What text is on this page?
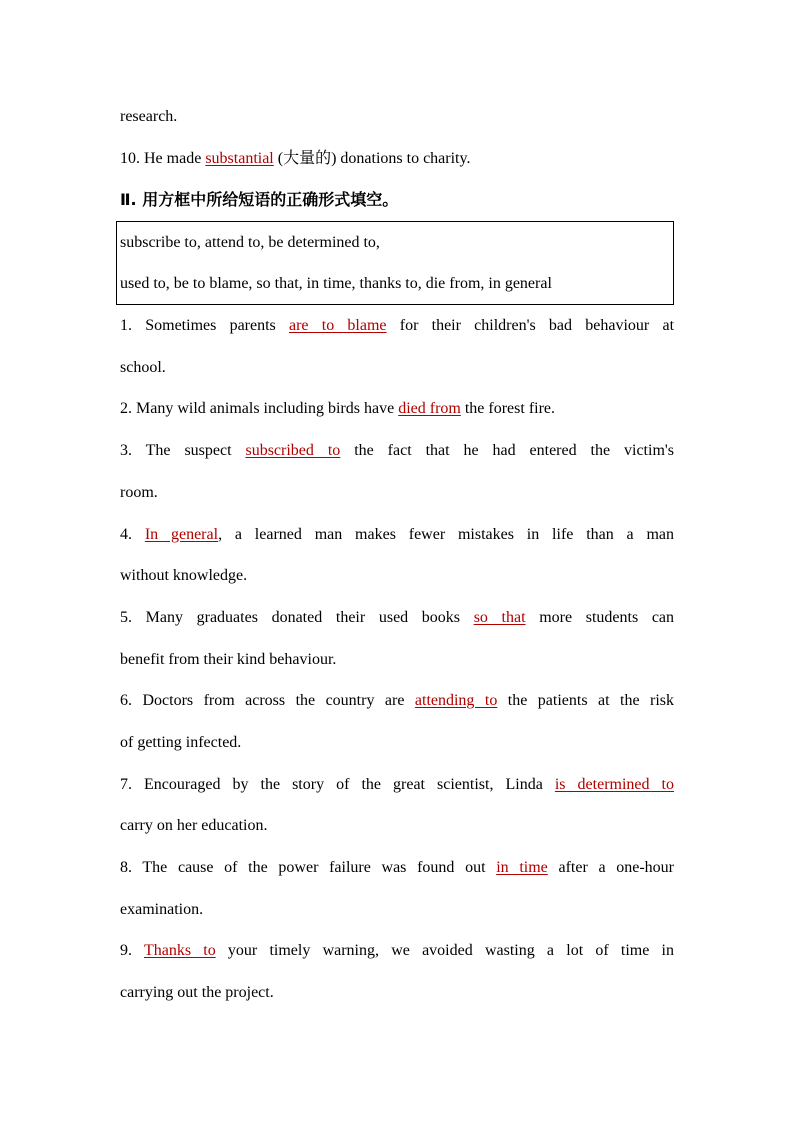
research.
10. He made substantial (大量的) donations to charity.
Ⅱ. 用方框中所给短语的正确形式填空。
subscribe to, attend to, be determined to,
used to, be to blame, so that, in time, thanks to, die from, in general
1. Sometimes parents are to blame for their children's bad behaviour at
school.
2. Many wild animals including birds have died from the forest fire.
3. The suspect subscribed to the fact that he had entered the victim's
room.
4. In general, a learned man makes fewer mistakes in life than a man
without knowledge.
5. Many graduates donated their used books so that more students can
benefit from their kind behaviour.
6. Doctors from across the country are attending to the patients at the risk
of getting infected.
7. Encouraged by the story of the great scientist, Linda is determined to
carry on her education.
8. The cause of the power failure was found out in time after a one-hour
examination.
9. Thanks to your timely warning, we avoided wasting a lot of time in
carrying out the project.
